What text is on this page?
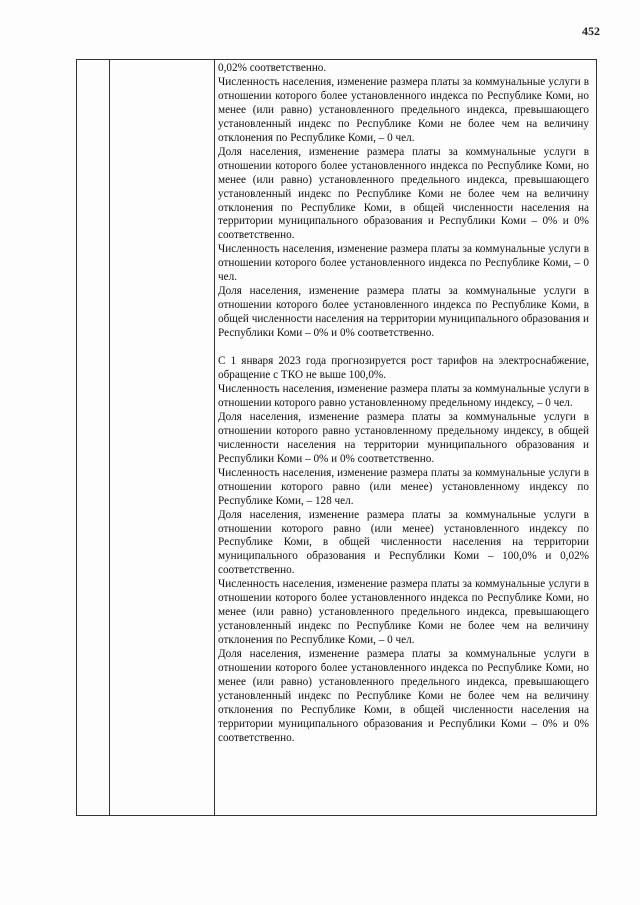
452

0,02% соответственно.

Численность населения, изменение размера платы за коммунальные услуги в отношении которого более установленного индекса по Республике Коми, но менее (или равно) установленного предельного индекса, превышающего установленный индекс по Республике Коми не более чем на величину отклонения по Республике Коми, – 0 чел.

Доля населения, изменение размера платы за коммунальные услуги в отношении которого более установленного индекса по Республике Коми, но менее (или равно) установленного предельного индекса, превышающего установленный индекс по Республике Коми не более чем на величину отклонения по Республике Коми, в общей численности населения на территории муниципального образования и Республики Коми – 0% и 0% соответственно.

Численность населения, изменение размера платы за коммунальные услуги в отношении которого более установленного индекса по Республике Коми, – 0 чел.

Доля населения, изменение размера платы за коммунальные услуги в отношении которого более установленного индекса по Республике Коми, в общей численности населения на территории муниципального образования и Республики Коми – 0% и 0% соответственно.

С 1 января 2023 года прогнозируется рост тарифов на электроснабжение, обращение с ТКО не выше 100,0%.

Численность населения, изменение размера платы за коммунальные услуги в отношении которого равно установленному предельному индексу, – 0 чел.

Доля населения, изменение размера платы за коммунальные услуги в отношении которого равно установленному предельному индексу, в общей численности населения на территории муниципального образования и Республики Коми – 0% и 0% соответственно.

Численность населения, изменение размера платы за коммунальные услуги в отношении которого равно (или менее) установленному индексу по Республике Коми, – 128 чел.

Доля населения, изменение размера платы за коммунальные услуги в отношении которого равно (или менее) установленного индексу по Республике Коми, в общей численности населения на территории муниципального образования и Республики Коми – 100,0% и 0,02% соответственно.

Численность населения, изменение размера платы за коммунальные услуги в отношении которого более установленного индекса по Республике Коми, но менее (или равно) установленного предельного индекса, превышающего установленный индекс по Республике Коми не более чем на величину отклонения по Республике Коми, – 0 чел.

Доля населения, изменение размера платы за коммунальные услуги в отношении которого более установленного индекса по Республике Коми, но менее (или равно) установленного предельного индекса, превышающего установленный индекс по Республике Коми не более чем на величину отклонения по Республике Коми, в общей численности населения на территории муниципального образования и Республики Коми – 0% и 0% соответственно.
